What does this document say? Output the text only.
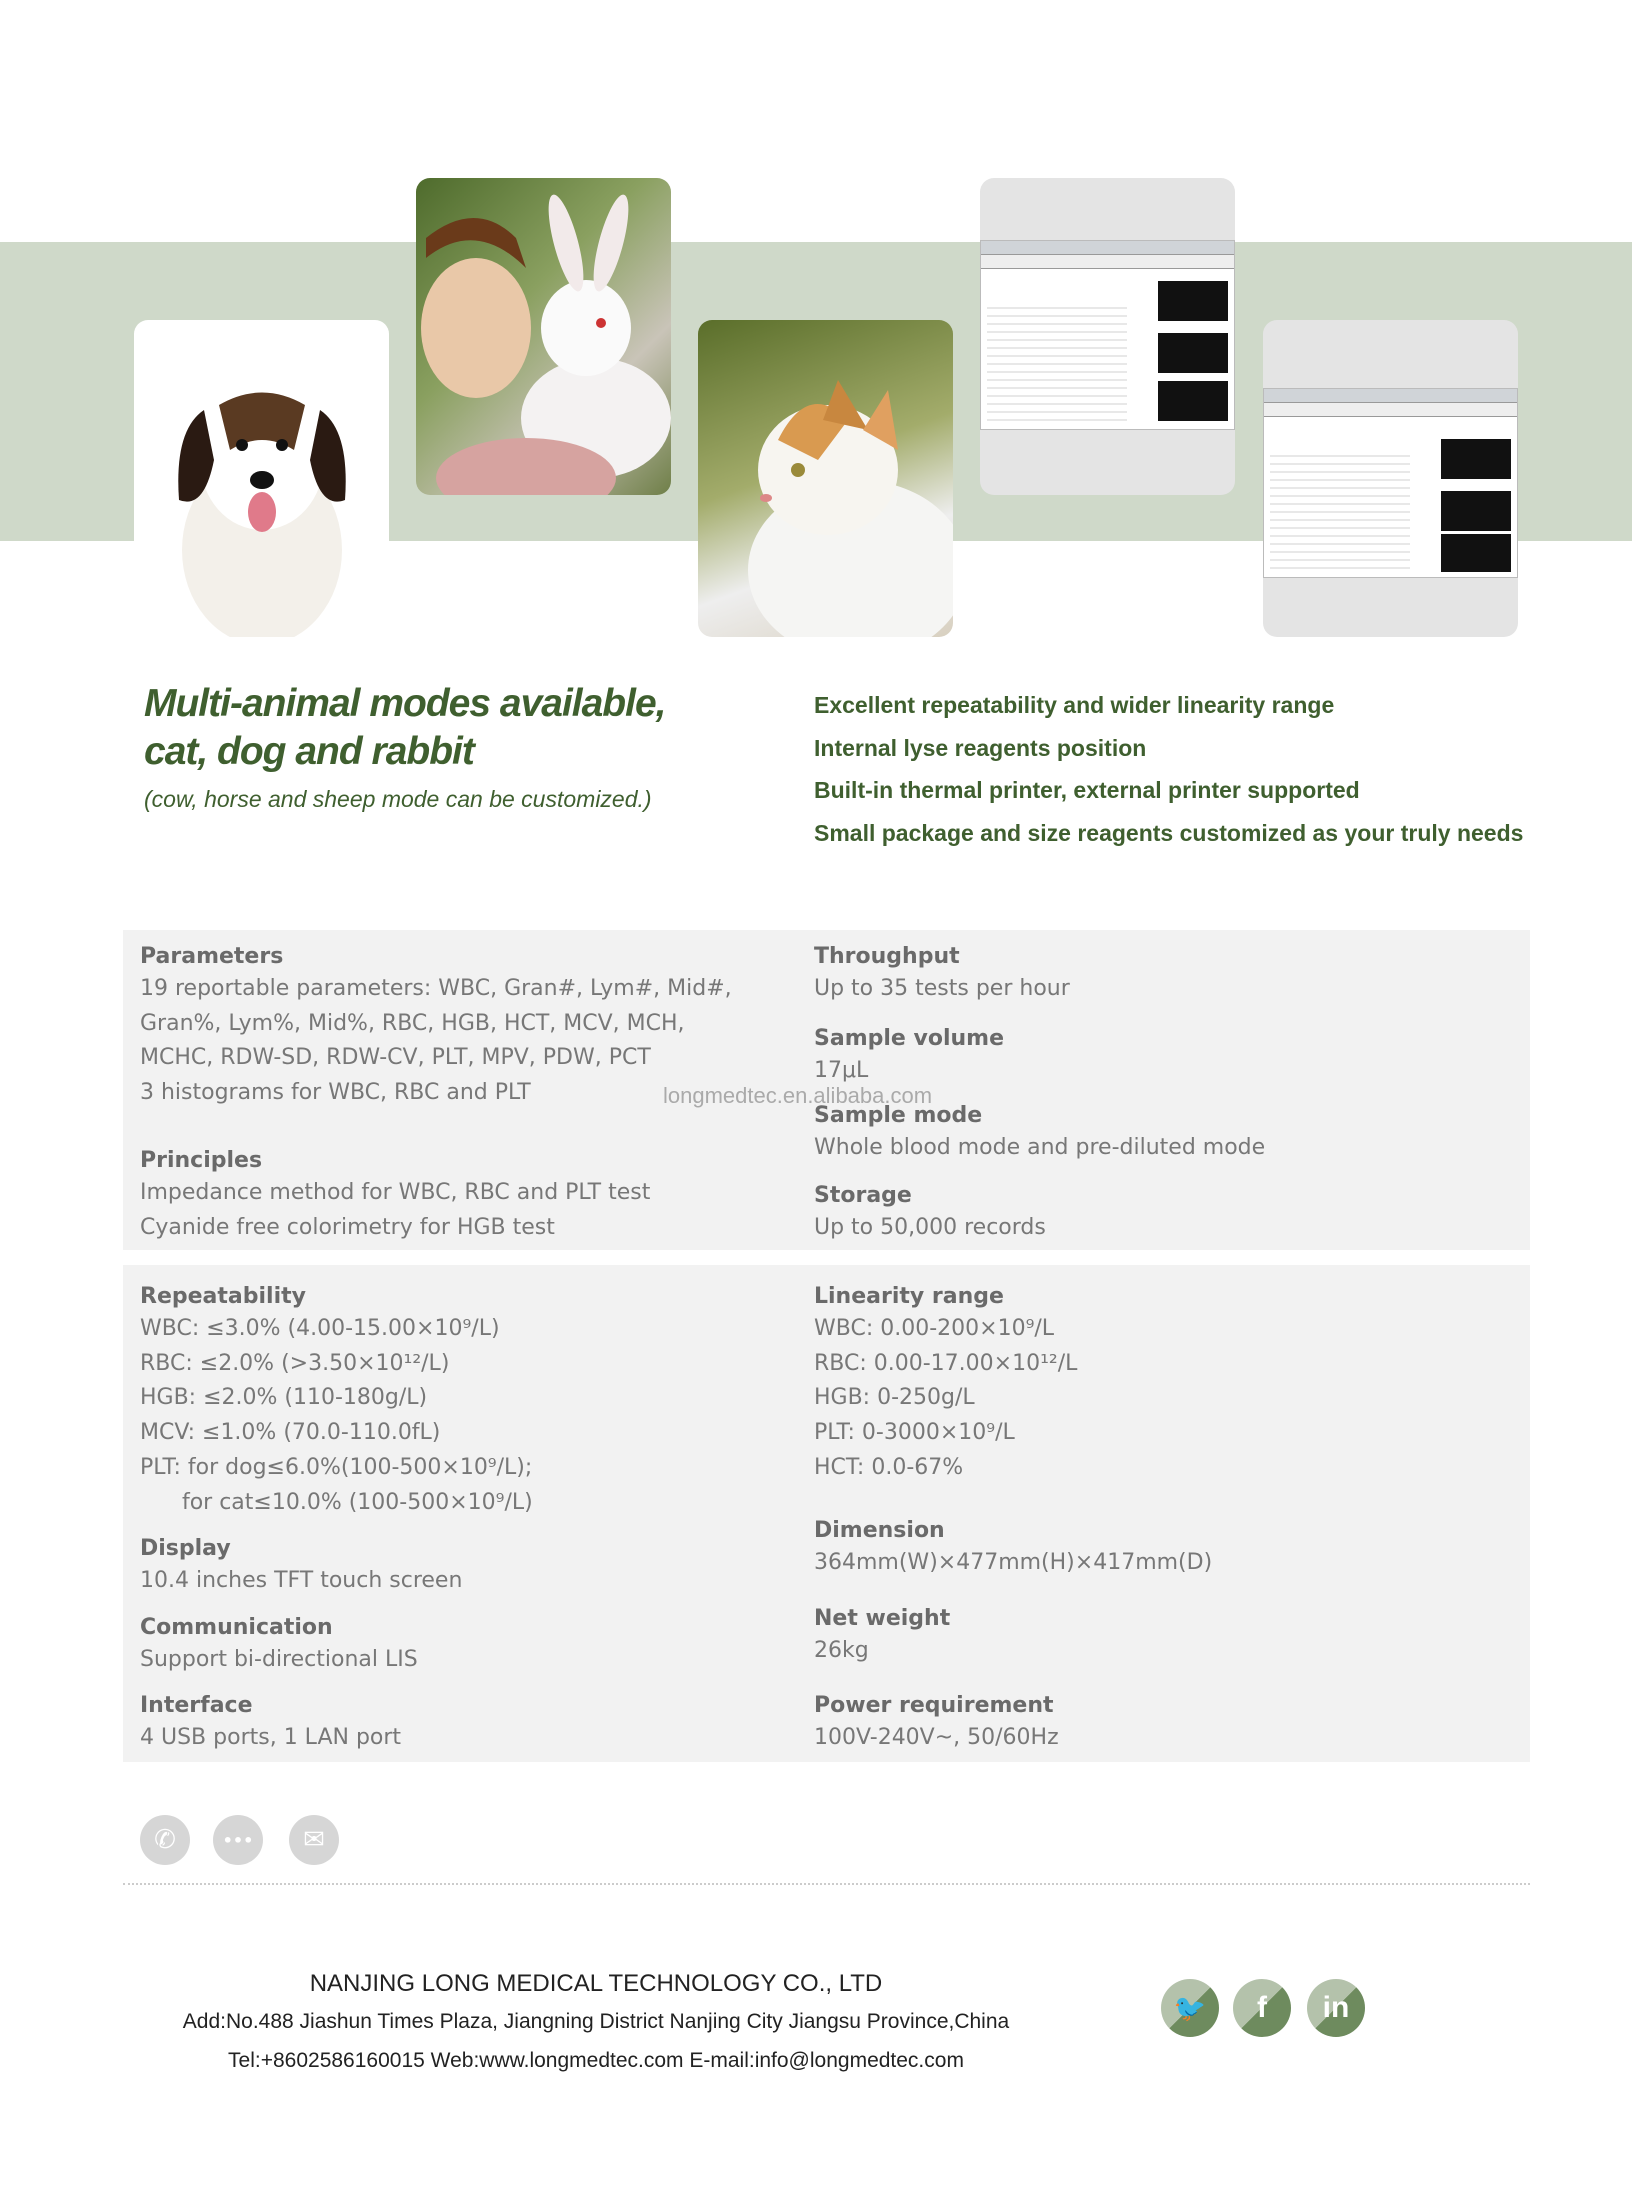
Multi-animal modes available,
cat, dog and rabbit
(cow, horse and sheep mode can be customized.)
Excellent repeatability and wider linearity range
Internal lyse reagents position
Built-in thermal printer, external printer supported
Small package and size reagents customized as your truly needs
Parameters
19 reportable parameters: WBC, Gran#, Lym#, Mid#,
Gran%, Lym%, Mid%, RBC, HGB, HCT, MCV, MCH,
MCHC, RDW-SD, RDW-CV, PLT, MPV, PDW, PCT
3 histograms for WBC, RBC and PLT
Principles
Impedance method for WBC, RBC and PLT test
Cyanide free colorimetry for HGB test
Throughput
Up to 35 tests per hour
Sample volume
17μL
Sample mode
Whole blood mode and pre-diluted mode
Storage
Up to 50,000 records
longmedtec.en.alibaba.com
Repeatability
WBC: ≤3.0% (4.00-15.00×10⁹/L)
RBC: ≤2.0% (>3.50×10¹²/L)
HGB: ≤2.0% (110-180g/L)
MCV: ≤1.0% (70.0-110.0fL)
PLT: for dog≤6.0%(100-500×10⁹/L);
for cat≤10.0% (100-500×10⁹/L)
Display
10.4 inches TFT touch screen
Communication
Support bi-directional LIS
Interface
4 USB ports, 1 LAN port
Linearity range
WBC: 0.00-200×10⁹/L
RBC: 0.00-17.00×10¹²/L
HGB: 0-250g/L
PLT: 0-3000×10⁹/L
HCT: 0.0-67%
Dimension
364mm(W)×477mm(H)×417mm(D)
Net weight
26kg
Power requirement
100V-240V~, 50/60Hz
✆	•••	✉
NANJING LONG MEDICAL TECHNOLOGY CO., LTD
Add:No.488 Jiashun Times Plaza, Jiangning District Nanjing City Jiangsu Province,China
Tel:+8602586160015 Web:www.longmedtec.com E-mail:info@longmedtec.com
🐦	f	in
